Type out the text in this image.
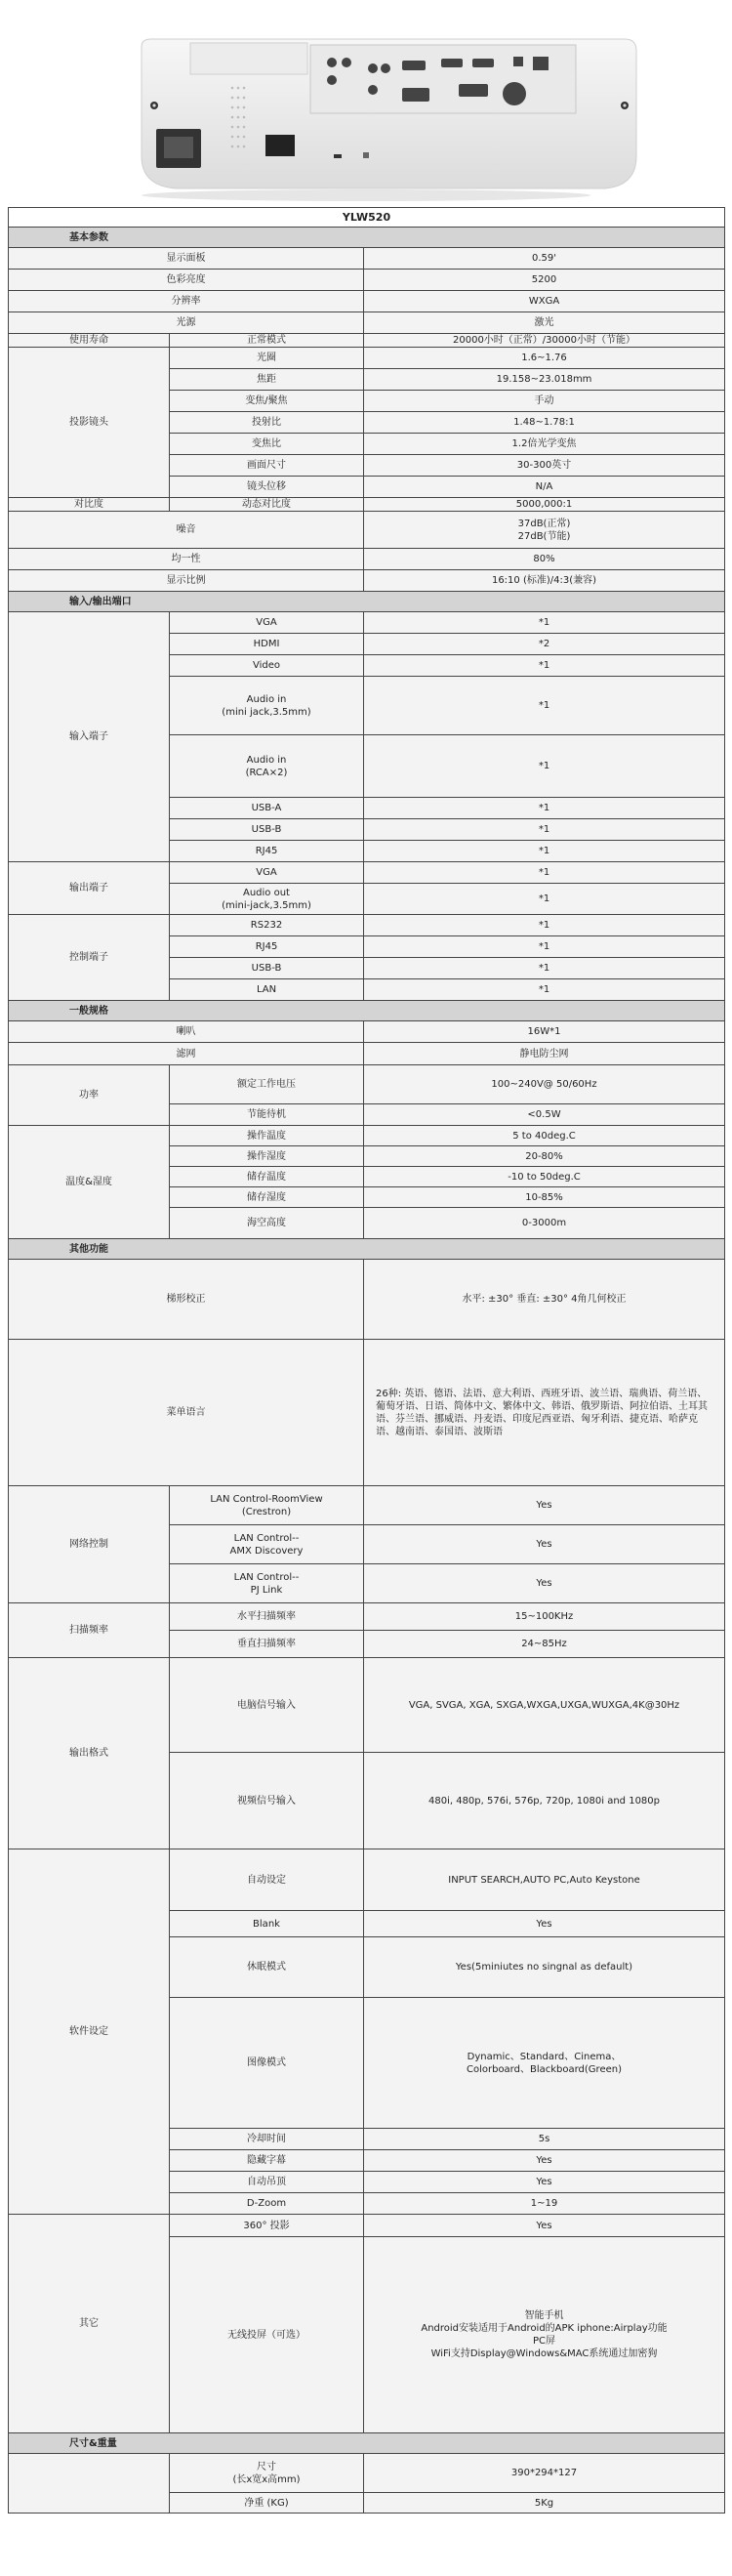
YLW520		
基本参数		
显示面板		0.59'
色彩亮度		5200
分辨率		WXGA
光源		激光
使用寿命	正常模式	20000小时（正常）/30000小时（节能）
投影镜头	光圈	1.6~1.76
	焦距	19.158~23.018mm
	变焦/聚焦	手动
	投射比	1.48~1.78:1
	变焦比	1.2倍光学变焦
	画面尺寸	30-300英寸
	镜头位移	N/A
对比度	动态对比度	5000,000:1
噪音		37dB(正常)
27dB(节能)
均一性		80%
显示比例		16:10 (标准)/4:3(兼容)
输入/输出端口		
输入端子	VGA	*1
	HDMI	*2
	Video	*1
	Audio in
(mini jack,3.5mm)	*1
	Audio in
(RCA×2)	*1
	USB-A	*1
	USB-B	*1
	RJ45	*1
输出端子	VGA	*1
	Audio out
(mini-jack,3.5mm)	*1
控制端子	RS232	*1
	RJ45	*1
	USB-B	*1
	LAN	*1
一般规格		
喇叭		16W*1
滤网		静电防尘网
功率	额定工作电压	100~240V@ 50/60Hz
	节能待机	<0.5W
温度&湿度	操作温度	5 to 40deg.C
	操作湿度	20-80%
	储存温度	-10 to 50deg.C
	储存湿度	10-85%
	海空高度	0-3000m
其他功能		
梯形校正		水平: ±30° 垂直: ±30° 4角几何校正
菜单语言		26种: 英语、德语、法语、意大利语、西班牙语、波兰语、瑞典语、荷兰语、葡萄牙语、日语、简体中文、繁体中文、韩语、俄罗斯语、阿拉伯语、土耳其语、芬兰语、挪威语、丹麦语、印度尼西亚语、匈牙利语、捷克语、哈萨克语、越南语、泰国语、波斯语
网络控制	LAN Control-RoomView
(Crestron)	Yes
	LAN Control--
AMX Discovery	Yes
	LAN Control--
PJ Link	Yes
扫描频率	水平扫描频率	15~100KHz
	垂直扫描频率	24~85Hz
输出格式	电脑信号输入	VGA, SVGA, XGA, SXGA,WXGA,UXGA,WUXGA,4K@30Hz
	视频信号输入	480i, 480p, 576i, 576p, 720p, 1080i and 1080p
软件设定	自动设定	INPUT SEARCH,AUTO PC,Auto Keystone
	Blank	Yes
	休眠模式	Yes(5miniutes no singnal as default)
	图像模式	Dynamic、Standard、Cinema、
Colorboard、Blackboard(Green)
	冷却时间	5s
	隐藏字幕	Yes
	自动吊顶	Yes
	D-Zoom	1~19
其它	360° 投影	Yes
	无线投屏（可选）	智能手机
Android安装适用于Android的APK iphone:Airplay功能
PC屏
WiFi支持Display@Windows&MAC系统通过加密狗
尺寸&重量		
	尺寸
(长x宽x高mm)	390*294*127
	净重 (KG)	5Kg
